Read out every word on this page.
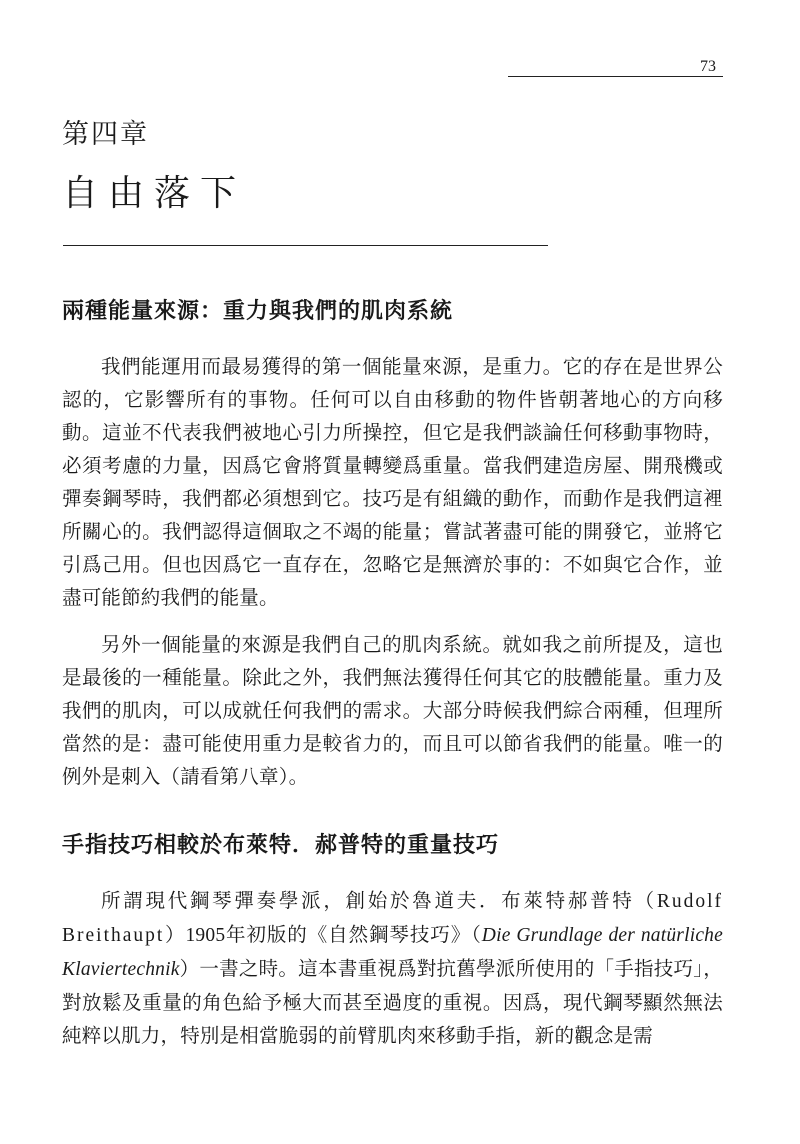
73
第四章
自由落下
兩種能量來源：重力與我們的肌肉系統

我們能運用而最易獲得的第一個能量來源，是重力。它的存在是世界公認的，它影響所有的事物。任何可以自由移動的物件皆朝著地心的方向移動。這並不代表我們被地心引力所操控，但它是我們談論任何移動事物時，必須考慮的力量，因爲它會將質量轉變爲重量。當我們建造房屋、開飛機或彈奏鋼琴時，我們都必須想到它。技巧是有組織的動作，而動作是我們這裡所關心的。我們認得這個取之不竭的能量；嘗試著盡可能的開發它，並將它引爲己用。但也因爲它一直存在，忽略它是無濟於事的：不如與它合作，並盡可能節約我們的能量。

另外一個能量的來源是我們自己的肌肉系統。就如我之前所提及，這也是最後的一種能量。除此之外，我們無法獲得任何其它的肢體能量。重力及我們的肌肉，可以成就任何我們的需求。大部分時候我們綜合兩種，但理所當然的是：盡可能使用重力是較省力的，而且可以節省我們的能量。唯一的例外是刺入（請看第八章）。

手指技巧相較於布萊特．郝普特的重量技巧

所謂現代鋼琴彈奏學派，創始於魯道夫．布萊特郝普特（Rudolf Breithaupt）1905年初版的《自然鋼琴技巧》（Die Grundlage der natürliche Klaviertechnik）一書之時。這本書重視爲對抗舊學派所使用的「手指技巧」，對放鬆及重量的角色給予極大而甚至過度的重視。因爲，現代鋼琴顯然無法純粹以肌力，特別是相當脆弱的前臂肌肉來移動手指，新的觀念是需
